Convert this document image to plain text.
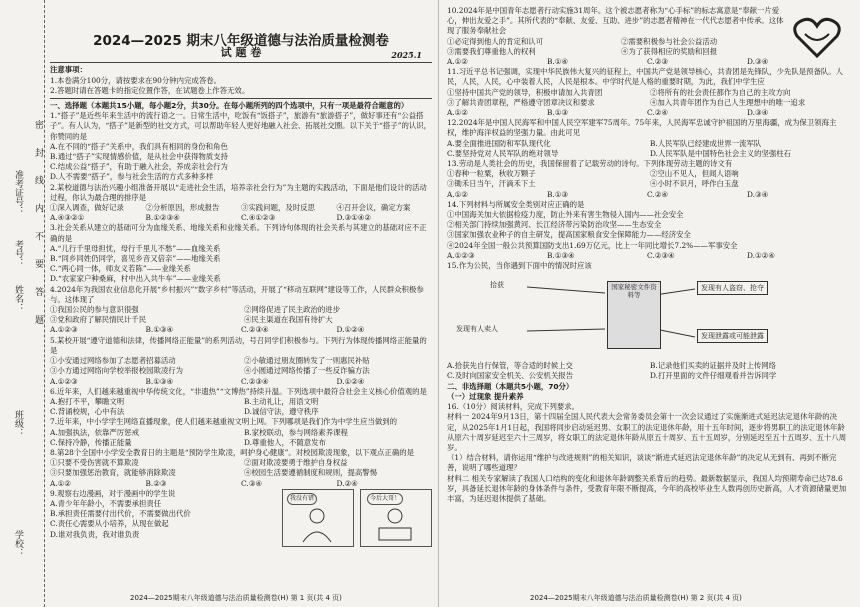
学校：
班级：
姓名：
考号：
准考证号： 密 封 线 内 不 要 答 题
2024—2025 期末八年级道德与法治质量检测卷
试 题 卷	2025.1

注意事项：

1.本卷满分100分，请按要求在90分钟内完成答卷。

2.答题时请在答题卡的指定位置作答，在试题卷上作答无效。

一、选择题（本题共15小题，每小题2分，共30分。在每小题所列的四个选项中，只有一项是最符合题意的）

1.“搭子”是近些年来生活中的流行语之一。日常生活中，吃饭有“饭搭子”，旅游有“旅游搭子”，做好事还有“公益搭子”。有人认为，“搭子”是新型的社交方式，可以帮助年轻人更好地融入社会、拓展社交圈。以下关于“搭子”的认识，你赞同的是

A.在不同的“搭子”关系中，我们具有相同的身份和角色

B.通过“搭子”实现情感价值，是从社会中获得物质支持

C.结成公益“搭子”，有助于融入社会，养成亲社会行为

D.人不需要“搭子”，参与社会生活的方式多种多样

2.某校道德与法治兴趣小组准备开展以“走进社会生活，培养亲社会行为”为主题的实践活动，下面是他们设计的活动过程，你认为最合理的排序是

①深入调查，做好记录	②分析原因，形成报告	③实践问题，及时反思	④召开会议，确定方案
A.④③②①	B.①②③④	C.④①②③	D.③①④②

3.社会关系从建立的基础可分为血缘关系、地缘关系和业缘关系。下列诗句体现的社会关系与其建立的基础对应不正确的是

A.“儿行千里母担忧，母行千里儿不愁”——血缘关系

B.“同乡同姓仍同学，喜见乡音又倍亲”——地缘关系

C.“两心同一体，师友义若陈”——业缘关系

D.“农家家户种桑麻，村中出入共牛车”——业缘关系

4.2024年为我国农业信息化开展“乡村振兴”“数字乡村”等活动，开展了“移动互联网”建设等工作，人民群众积极参与。这体现了

①我国公民的参与意识很强	②网络促进了民主政治的进步
③党和政府了解民情民计千民	④民主渠道在我国有待扩大
A.①②③	B.①③④	C.②③④	D.①②④

5.某校开展“遵守道德和法律，传播网络正能量”的系列活动，号召同学们积极参与。下列行为体现传播网络正能量的是

①小安通过网络参加了志愿者招募活动	②小敏通过朋友圈转发了一则惠民补贴
③小方通过网络向学校举报校园欺凌行为	④小圆通过网络传播了一些反诈骗方法
A.①②③	B.①③④	C.②③④	D.①②④

6.近年来，人们越来越重视中华传统文化，“非遗热”“文博热”持续升温。下列选项中最符合社会主义核心价值观的是

A.抱打不平，攀瞻文明	B.主动礼让，用语文明
C.背诵校规，心中有法	D.诚信守法，遵守秩序

7.近年来，中小学学生网络直播现象，使人们越来越重视文明上网。下列哪项是我们作为中学生应当做到的

A.加强执法，依靠严厉惩戒	B.家校联动，参与网络素养课程
C.保持冷静，传播正能量	D.尊重他人，不随意发布

8.第28个全国中小学安全教育日的主题是“预防学生欺凌，呵护身心健康”。对校园欺凌现象，以下观点正确的是

①只要不受伤害就不算欺凌	②面对欺凌要勇于维护自身权益
③只要加强惩治教育，就能够消除欺凌	④校园生活要遵循制度和规则，提高警惕
A.①②	B.②③	C.③④	D.②④

9.观察右边漫画，对于漫画中的学生说

A.青少年年龄小，不需要承担责任

B.承担责任需要付出代价，不需要做出代价

C.责任心需要从小培养，从现在做起

D.谁对我负责，我对谁负责

我没有错	今后大哥！

10.2024年是中国青年志愿者行动实施31周年。这个被志愿者称为“心手标”的标志寓意是“奉献一片爱心，伸出友爱之手”。其所代表的“奉献、友爱、互助、进步”的志愿者精神在一代代志愿者中传承。这体现了服务奉献社会

①必定得到他人的肯定和认可	②需要积极参与社会公益活动
③需要我们尊重他人的权利	④为了获得相应的奖励和回报
A.①②	B.①④	C.②③	D.③④

11.习近平总书记强调，实现中华民族伟大复兴的征程上，中国共产党是领导核心，共青团是先锋队，少先队是预备队。人民，人民，人民，心中装着人民，人民是根本。中学时代是人格的重要时期，为此，我们中学生应

①坚持中国共产党的领导，积极申请加入共青团	②将所有的社会责任都作为自己的主攻方向
③了解共青团章程，严格遵守团章决议和要求	④加入共青年团作为自己人生理想中的唯一追求
A.①②	B.①③	C.②④	D.③④

12.2024年是中国人民海军和中国人民空军建军75周年。75年来，人民海军忠诚守护祖国的万里海疆，成为保卫领海主权，维护海洋权益的坚强力量。由此可见

A.要全面推进国防和军队现代化	B.人民军队已经建成世界一流军队
C.要坚持党对人民军队的绝对领导	D.人民军队是中国特色社会主义的坚强柱石

13.劳动是人类社会的历史，我国保留着了记载劳动的诗句。下列体现劳动主题的诗文有

①春种一粒粟，秋收万颗子	②空山不见人，但闻人语响
③锄禾日当午，汗滴禾下土	④小时不识月，呼作白玉盘
A.①②	B.①③	C.②④	D.③④

14.下列材料与所属安全类别对应正确的是

①中国海关加大依据检疫力度，防止外来有害生物侵入国内——社会安全

②相关部门持续加强黄河、长江经济带污染防治攻坚——生态安全

③国家加强农业种子的自主研发，提高国家粮食安全保障能力——经济安全

④2024年全国一般公共预算国防支出1.69万亿元，比上一年同比增长7.2%——军事安全

A.①②③	B.①③④	C.②③④	D.①②④

15.作为公民，当你遇到下面中的情况时应该

拾获
发现有人卖人
国家秘密文件资料等
发现有人盗窃、抢夺
发现泄露或可能泄露
A.拾获先自行保管，等合适的时候上交	B.记录他们买卖的证据并及时上传网络
C.及时向国家安全机关、公安机关报告	D.打开里面的文件仔细观看并告诉同学

二、非选择题（本题共5小题，70分）

（一）过现象 提升素养

16.（10分）阅读材料，完成下列要求。

材料一 2024年9月13日，第十四届全国人民代表大会常务委员会第十一次会议通过了实施渐进式延迟法定退休年龄的决定，从2025年1月1日起，我国将同步启动延迟男、女职工的法定退休年龄，用十五年时间，逐步将男职工的法定退休年龄从原六十周岁延迟至六十三周岁，将女职工的法定退休年龄从原五十周岁、五十五周岁，分别延迟至五十五周岁、五十八周岁。

（1）结合材料，请你运用“维护与改进规则”的相关知识，谈谈“渐进式延迟法定退休年龄”的决定从无到有、再到不断完善，说明了哪些道理？

材料二 相关专家解读了我国人口结构的变化和退休年龄调整关系背后的趋势。最新数据显示，我国人均预期寿命已达78.6岁，具备延长退休年龄的身体条件与条件，受教育年限不断提高，今年的高校毕业生人数再创历史新高，人才资源储量更加丰富，为延迟退休提供了基础。

2024—2025期末八年级道德与法治质量检测卷(H) 第 1 页(共 4 页)	2024—2025期末八年级道德与法治质量检测卷(H) 第 2 页(共 4 页)
